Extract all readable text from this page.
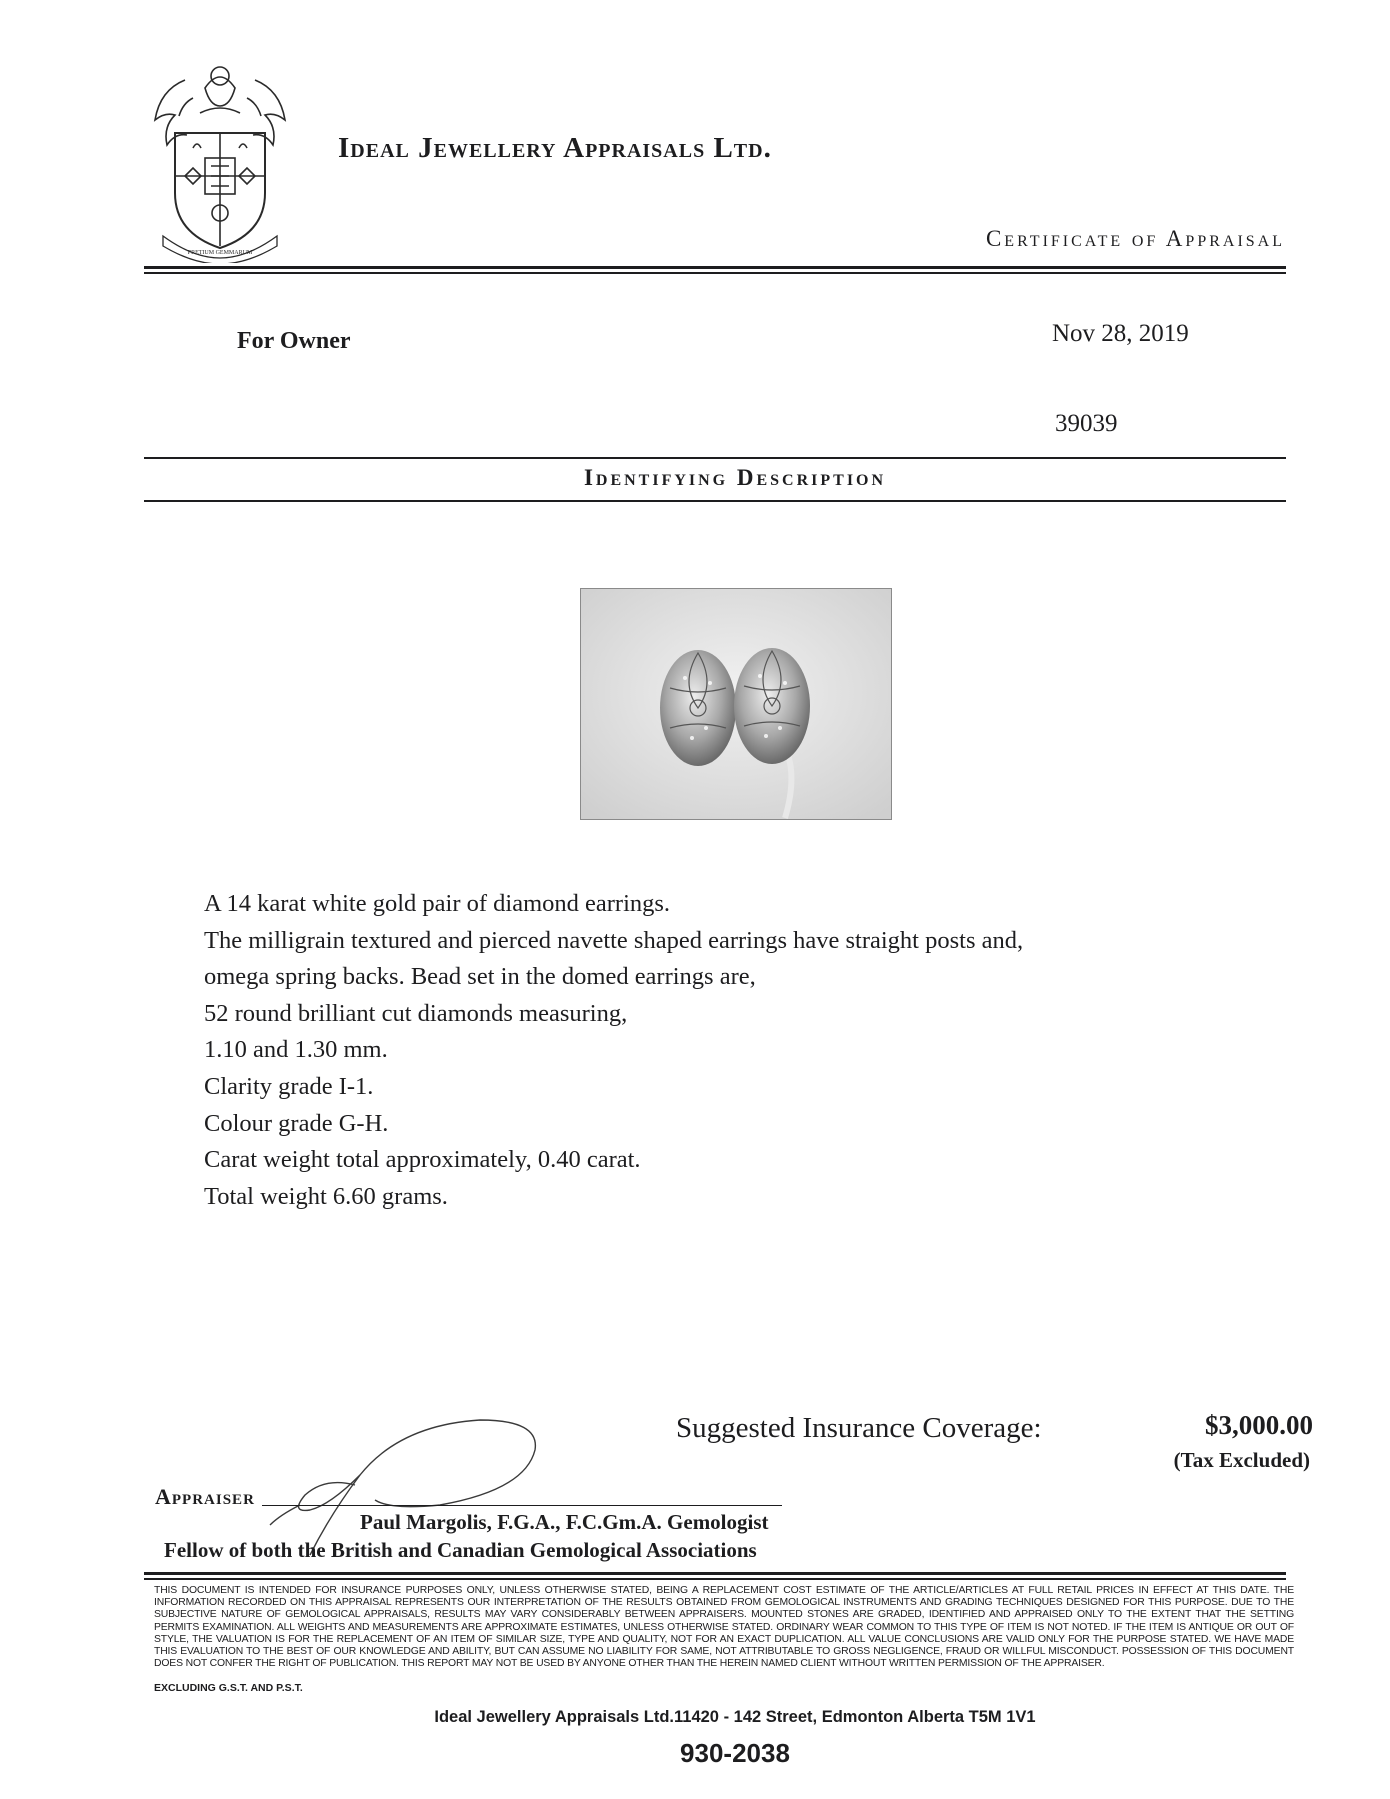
PRETIUM GEMMARUM
Ideal Jewellery Appraisals Ltd.
Certificate of Appraisal
For Owner	Nov 28, 2019
39039
Identifying Description
A 14 karat white gold pair of diamond earrings.
The milligrain textured and pierced navette shaped earrings have straight posts and,
omega spring backs. Bead set in the domed earrings are,
52 round brilliant cut diamonds measuring,
1.10 and 1.30 mm.
Clarity grade I-1.
Colour grade G-H.
Carat weight total approximately, 0.40 carat.
Total weight 6.60 grams.
Suggested Insurance Coverage:	$3,000.00
(Tax Excluded)
Appraiser
Paul Margolis, F.G.A., F.C.Gm.A. Gemologist
Fellow of both the British and Canadian Gemological Associations
THIS DOCUMENT IS INTENDED FOR INSURANCE PURPOSES ONLY, UNLESS OTHERWISE STATED, BEING A REPLACEMENT COST ESTIMATE OF THE ARTICLE/ARTICLES AT FULL RETAIL PRICES IN EFFECT AT THIS DATE. THE INFORMATION RECORDED ON THIS APPRAISAL REPRESENTS OUR INTERPRETATION OF THE RESULTS OBTAINED FROM GEMOLOGICAL INSTRUMENTS AND GRADING TECHNIQUES DESIGNED FOR THIS PURPOSE. DUE TO THE SUBJECTIVE NATURE OF GEMOLOGICAL APPRAISALS, RESULTS MAY VARY CONSIDERABLY BETWEEN APPRAISERS. MOUNTED STONES ARE GRADED, IDENTIFIED AND APPRAISED ONLY TO THE EXTENT THAT THE SETTING PERMITS EXAMINATION. ALL WEIGHTS AND MEASUREMENTS ARE APPROXIMATE ESTIMATES, UNLESS OTHERWISE STATED. ORDINARY WEAR COMMON TO THIS TYPE OF ITEM IS NOT NOTED. IF THE ITEM IS ANTIQUE OR OUT OF STYLE, THE VALUATION IS FOR THE REPLACEMENT OF AN ITEM OF SIMILAR SIZE, TYPE AND QUALITY, NOT FOR AN EXACT DUPLICATION. ALL VALUE CONCLUSIONS ARE VALID ONLY FOR THE PURPOSE STATED. WE HAVE MADE THIS EVALUATION TO THE BEST OF OUR KNOWLEDGE AND ABILITY, BUT CAN ASSUME NO LIABILITY FOR SAME, NOT ATTRIBUTABLE TO GROSS NEGLIGENCE, FRAUD OR WILLFUL MISCONDUCT. POSSESSION OF THIS DOCUMENT DOES NOT CONFER THE RIGHT OF PUBLICATION. THIS REPORT MAY NOT BE USED BY ANYONE OTHER THAN THE HEREIN NAMED CLIENT WITHOUT WRITTEN PERMISSION OF THE APPRAISER.
EXCLUDING G.S.T. AND P.S.T.
Ideal Jewellery Appraisals Ltd.11420 - 142 Street, Edmonton Alberta T5M 1V1
930-2038
